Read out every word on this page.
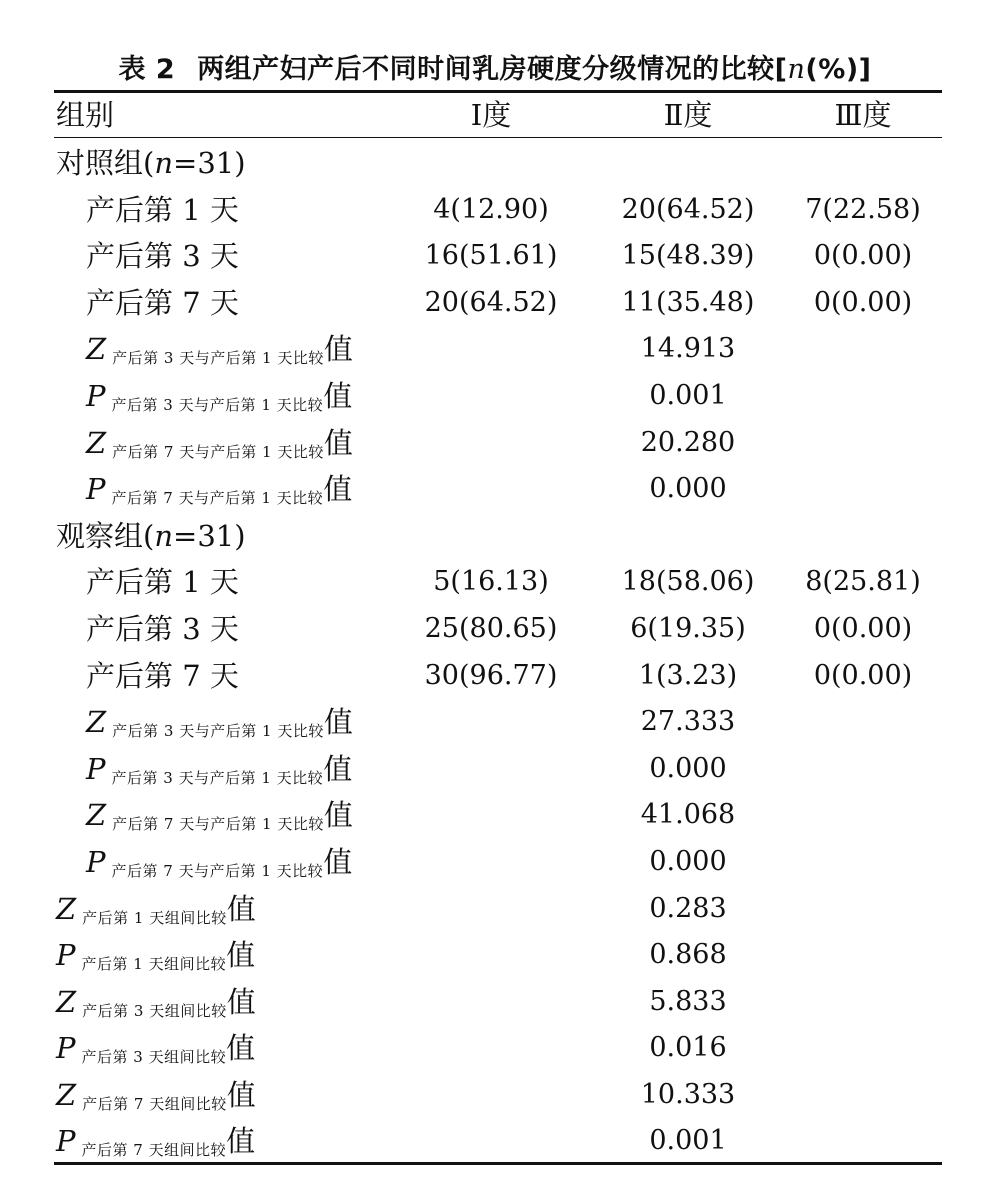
表 2 两组产妇产后不同时间乳房硬度分级情况的比较[n(%)]
组别	Ⅰ度	Ⅱ度	Ⅲ度
对照组(n=31)
产后第 1 天	4(12.90)	20(64.52) 7(22.58)
产后第 3 天	16(51.61) 15(48.39) 0(0.00)
产后第 7 天	20(64.52) 11(35.48) 0(0.00)
Z $_{产后第 3 天与产后第 1 天比较}$值	14.913
P $_{产后第 3 天与产后第 1 天比较}$值	0.001
Z $_{产后第 7 天与产后第 1 天比较}$值	20.280
P $_{产后第 7 天与产后第 1 天比较}$值	0.000
观察组(n=31)
产后第 1 天	5(16.13)	18(58.06) 8(25.81)
产后第 3 天	25(80.65)	6(19.35)	0(0.00)
产后第 7 天	30(96.77)	1(3.23)	0(0.00)
Z $_{产后第 3 天与产后第 1 天比较}$值	27.333
P $_{产后第 3 天与产后第 1 天比较}$值	0.000
Z $_{产后第 7 天与产后第 1 天比较}$值	41.068
P $_{产后第 7 天与产后第 1 天比较}$值	0.000
Z $_{产后第 1 天组间比较}$值	0.283
P $_{产后第 1 天组间比较}$值	0.868
Z $_{产后第 3 天组间比较}$值	5.833
P $_{产后第 3 天组间比较}$值	0.016
Z $_{产后第 7 天组间比较}$值	10.333
P $_{产后第 7 天组间比较}$值	0.001
